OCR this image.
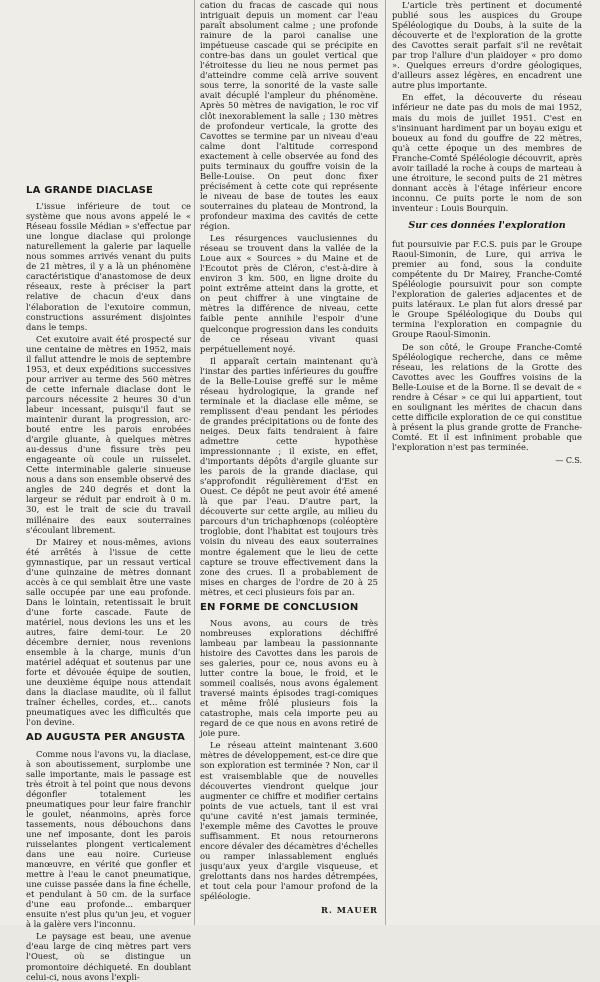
LA GRANDE DIACLASE

L'issue inférieure de tout ce système que nous avons appelé le « Réseau fossile Médian » s'effectue par une longue diaclase qui prolonge naturellement la galerie par laquelle nous sommes arrivés venant du puits de 21 mètres, il y a là un phénomène caractéristique d'anastomose de deux réseaux, reste à préciser la part relative de chacun d'eux dans l'élaboration de l'exutoire commun, constructions assurément disjointes dans le temps.

Cet exutoire avait été prospecté sur une centaine de mètres en 1952, mais il fallut attendre le mois de septembre 1953, et deux expéditions successives pour arriver au terme des 560 mètres de cette infernale diaclase dont le parcours nécessite 2 heures 30 d'un labeur incessant, puisqu'il faut se maintenir durant la progression, arc-bouté entre les parois enrobées d'argile gluante, à quelques mètres au-dessus d'une fissure très peu engageante où coule un ruisselet. Cette interminable galerie sinueuse nous a dans son ensemble observé des angles de 240 degrés et dont la largeur se réduit par endroit à 0 m. 30, est le trait de scie du travail millénaire des eaux souterraines s'écoulant librement.

Dr Mairey et nous-mêmes, avions été arrêtés à l'issue de cette gymnastique, par un ressaut vertical d'une quinzaine de mètres donnant accès à ce qui semblait être une vaste salle occupée par une eau profonde. Dans le lointain, retentissait le bruit d'une forte cascade. Faute de matériel, nous devions les uns et les autres, faire demi-tour. Le 20 décembre dernier, nous revenions ensemble à la charge, munis d'un matériel adéquat et soutenus par une forte et dévouée équipe de soutien, une deuxième équipe nous attendait dans la diaclase maudite, où il fallut traîner échelles, cordes, et... canots pneumatiques avec les difficultés que l'on devine.

AD AUGUSTA PER ANGUSTA

Comme nous l'avons vu, la diaclase, à son aboutissement, surplombe une salle importante, mais le passage est très étroit à tel point que nous devons dégonfler totalement les pneumatiques pour leur faire franchir le goulet, néanmoins, après force tassements, nous débouchons dans une nef imposante, dont les parois ruisselantes plongent verticalement dans une eau noire. Curieuse manœuvre, en vérité que gonfler et mettre à l'eau le canot pneumatique, une cuisse passée dans la fine échelle, et pendulant à 50 cm. de la surface d'une eau profonde... embarquer ensuite n'est plus qu'un jeu, et voguer à la galère vers l'inconnu.

Le paysage est beau, une avenue d'eau large de cinq mètres part vers l'Ouest, où se distingue un promontoire déchiqueté. En doublant celui-ci, nous avons l'expli-

cation du fracas de cascade qui nous intriguait depuis un moment car l'eau paraît absolument calme ; une profonde rainure de la paroi canalise une impétueuse cascade qui se précipite en contre-bas dans un goulet vertical que l'étroitesse du lieu ne nous permet pas d'atteindre comme celà arrive souvent sous terre, la sonorité de la vaste salle avait décuplé l'ampleur du phénomène. Après 50 mètres de navigation, le roc vif clôt inexorablement la salle ; 130 mètres de profondeur verticale, la grotte des Cavottes se termine par un niveau d'eau calme dont l'altitude correspond exactement à celle observée au fond des puits terminaux du gouffre voisin de la Belle-Louise. On peut donc fixer précisément à cette cote qui représente le niveau de base de toutes les eaux souterraines du plateau de Montrond, la profondeur maxima des cavités de cette région.

Les résurgences vauclusiennes du réseau se trouvent dans la vallée de la Loue aux « Sources » du Maine et de l'Ecoutot près de Cléron, c'est-à-dire à environ 3 km. 500, en ligne droite du point extrême atteint dans la grotte, et on peut chiffrer à une vingtaine de mètres la différence de niveau, cette faible pente annihile l'espoir d'une quelconque progression dans les conduits de ce réseau vivant quasi perpétuellement noyé.

Il apparaît certain maintenant qu'à l'instar des parties inférieures du gouffre de la Belle-Louise greffé sur le même réseau hydrologique, la grande nef terminale et la diaclase elle même, se remplissent d'eau pendant les périodes de grandes précipitations ou de fonte des neiges. Deux faits tendraient à faire admettre cette hypothèse impressionnante ; il existe, en effet, d'importants dépôts d'argile gluante sur les parois de la grande diaclase, qui s'approfondit régulièrement d'Est en Ouest. Ce dépôt ne peut avoir été amené là que par l'eau. D'autre part, la découverte sur cette argile, au milieu du parcours d'un trichaphœnops (coléoptère troglobie, dont l'habitat est toujours très voisin du niveau des eaux souterraines montre également que le lieu de cette capture se trouve effectivement dans la zone des crues. Il a probablement de mises en charges de l'ordre de 20 à 25 mètres, et ceci plusieurs fois par an.

EN FORME DE CONCLUSION

Nous avons, au cours de très nombreuses explorations déchiffré lambeau par lambeau la passionnante histoire des Cavottes dans les parois de ses galeries, pour ce, nous avons eu à lutter contre la boue, le froid, et le sommeil coalisés, nous avons également traversé maints épisodes tragi-comiques et même frôlé plusieurs fois la catastrophe, mais cela importe peu au regard de ce que nous en avons retiré de joie pure.

Le réseau atteint maintenant 3.600 mètres de développement, est-ce dire que son exploration est terminée ? Non, car il est vraisemblable que de nouvelles découvertes viendront quelque jour augmenter ce chiffre et modifier certains points de vue actuels, tant il est vrai qu'une cavité n'est jamais terminée, l'exemple même des Cavottes le prouve suffisamment. Et nous retournerons encore dévaler des décamètres d'échelles ou ramper inlassablement englués jusqu'aux yeux d'argile visqueuse, et grelottants dans nos hardes détrempées, et tout cela pour l'amour profond de la spéléologie.

R. MAUER

L'article très pertinent et documenté publié sous les auspices du Groupe Spéléologique du Doubs, à la suite de la découverte et de l'exploration de la grotte des Cavottes serait parfait s'il ne revêtait par trop l'allure d'un plaidoyer « pro domo ». Quelques erreurs d'ordre géologiques, d'ailleurs assez légères, en encadrent une autre plus importante.

En effet, la découverte du réseau inférieur ne date pas du mois de mai 1952, mais du mois de juillet 1951. C'est en s'insinuant hardiment par un boyau exigu et boueux au fond du gouffre de 22 mètres, qu'à cette époque un des membres de Franche-Comté Spéléologie découvrit, après avoir tailladé la roche à coups de marteau à une étroiture, le second puits de 21 mètres donnant accès à l'étage inférieur encore inconnu. Ce puits porte le nom de son inventeur : Louis Bourquin.

Sur ces données l'exploration

fut poursuivie par F.C.S. puis par le Groupe Raoul-Simonin, de Lure, qui arriva le premier au fond, sous la conduite compétente du Dr Mairey, Franche-Comté Spéléologie poursuivit pour son compte l'exploration de galeries adjacentes et de puits latéraux. Le plan fut alors dressé par le Groupe Spéléologique du Doubs qui termina l'exploration en compagnie du Groupe Raoul-Simonin.

De son côté, le Groupe Franche-Comté Spéléologique recherche, dans ce même réseau, les relations de la Grotte des Cavottes avec les Gouffres voisins de la Belle-Louise et de la Borne. Il se devait de « rendre à César » ce qui lui appartient, tout en soulignant les mérites de chacun dans cette difficile exploration de ce qui constitue à présent la plus grande grotte de Franche-Comté. Et il est infiniment probable que l'exploration n'est pas terminée.

— C.S.
